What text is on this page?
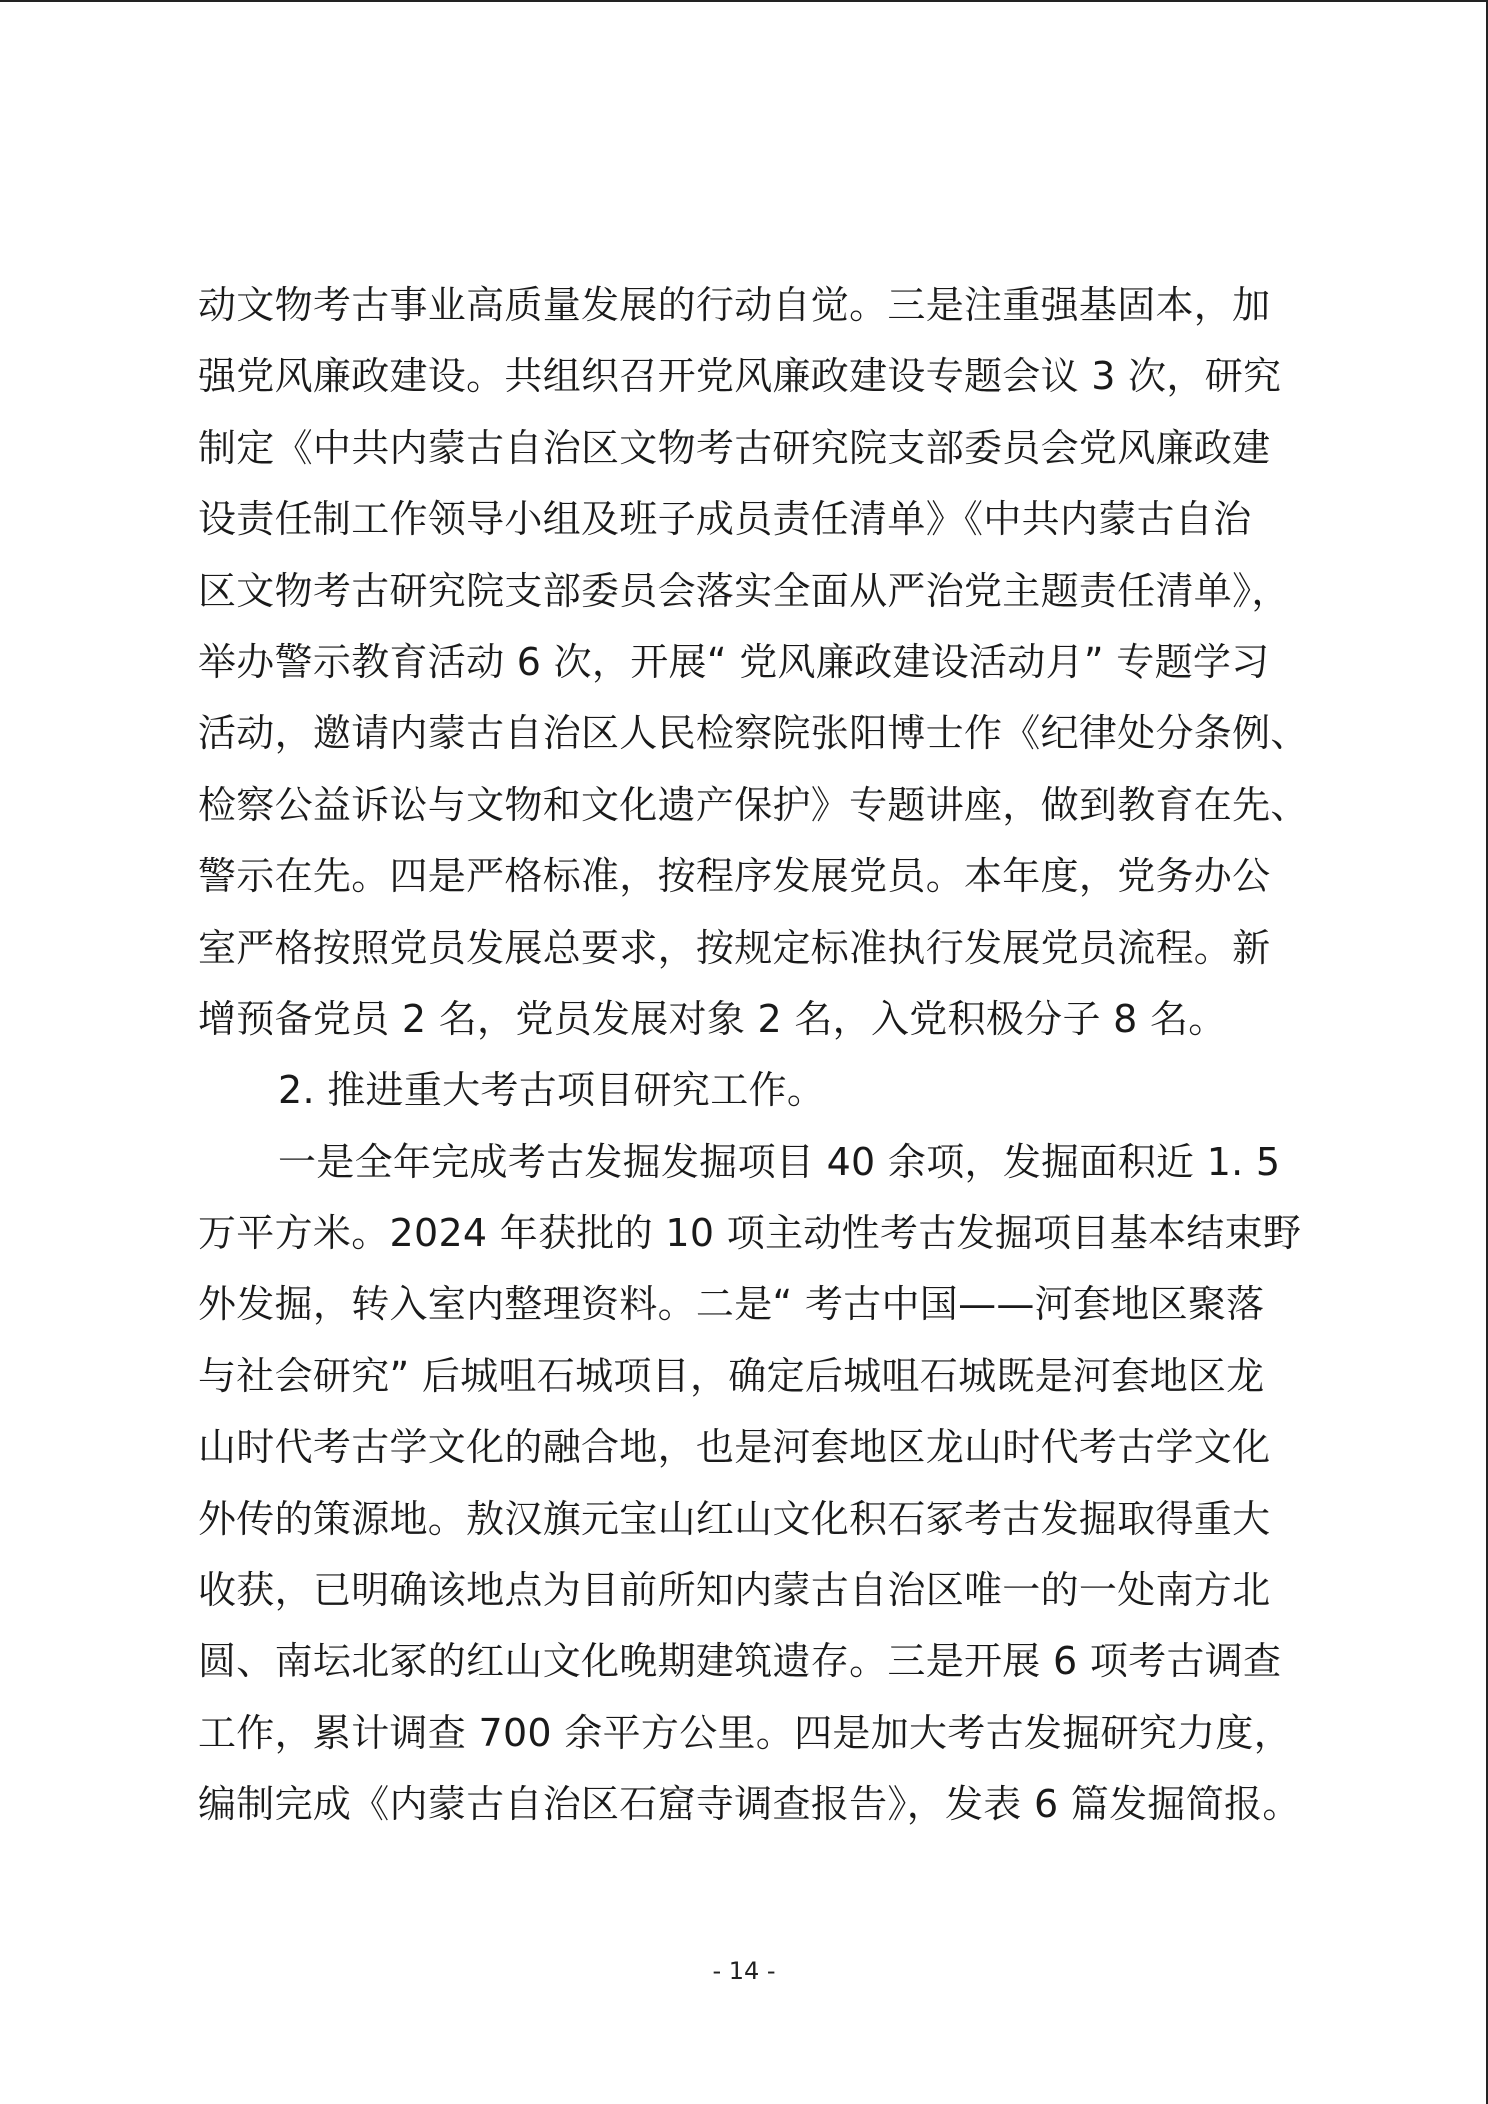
动文物考古事业高质量发展的行动自觉。三是注重强基固本，加
强党风廉政建设。共组织召开党风廉政建设专题会议 3 次，研究
制定《中共内蒙古自治区文物考古研究院支部委员会党风廉政建
设责任制工作领导小组及班子成员责任清单》《中共内蒙古自治
区文物考古研究院支部委员会落实全面从严治党主题责任清单》，
举办警示教育活动 6 次，开展“ 党风廉政建设活动月” 专题学习
活动，邀请内蒙古自治区人民检察院张阳博士作《纪律处分条例、
检察公益诉讼与文物和文化遗产保护》专题讲座，做到教育在先、
警示在先。四是严格标准，按程序发展党员。本年度，党务办公
室严格按照党员发展总要求，按规定标准执行发展党员流程。新
增预备党员 2 名，党员发展对象 2 名，入党积极分子 8 名。
2. 推进重大考古项目研究工作。
一是全年完成考古发掘发掘项目 40 余项，发掘面积近 1. 5
万平方米。2024 年获批的 10 项主动性考古发掘项目基本结束野
外发掘，转入室内整理资料。二是“ 考古中国——河套地区聚落
与社会研究” 后城咀石城项目，确定后城咀石城既是河套地区龙
山时代考古学文化的融合地，也是河套地区龙山时代考古学文化
外传的策源地。敖汉旗元宝山红山文化积石冢考古发掘取得重大
收获，已明确该地点为目前所知内蒙古自治区唯一的一处南方北
圆、南坛北冢的红山文化晚期建筑遗存。三是开展 6 项考古调查
工作，累计调查 700 余平方公里。四是加大考古发掘研究力度，
编制完成《内蒙古自治区石窟寺调查报告》，发表 6 篇发掘简报。
- 14 -
